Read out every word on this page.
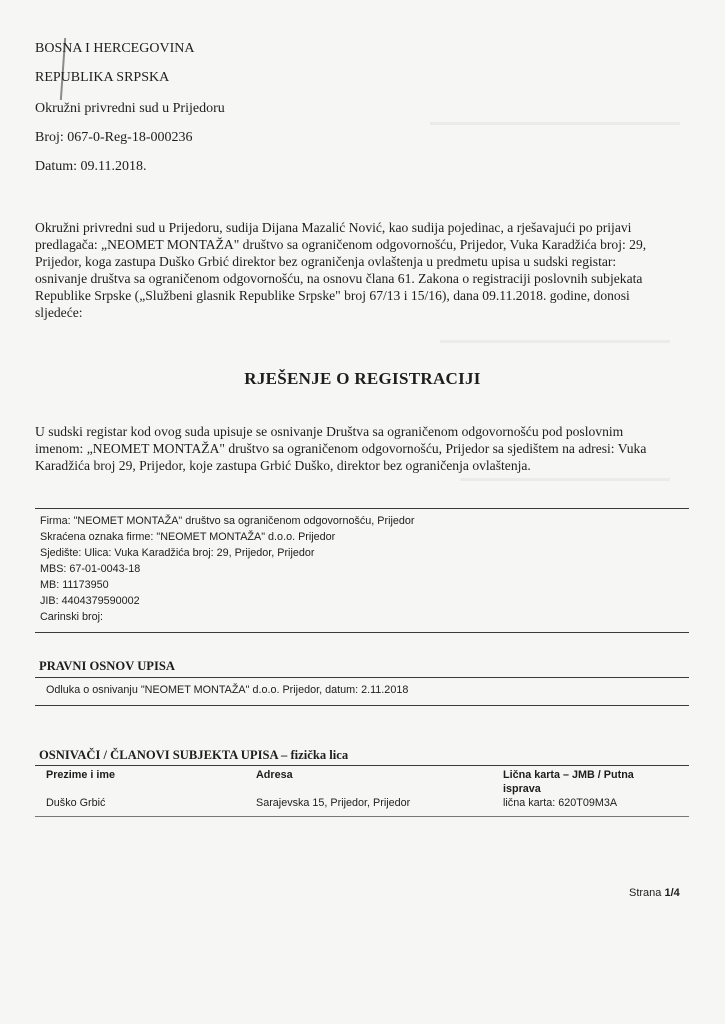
BOSNA I HERCEGOVINA
REPUBLIKA SRPSKA
Okružni privredni sud u Prijedoru
Broj: 067-0-Reg-18-000236
Datum: 09.11.2018.
Okružni privredni sud u Prijedoru, sudija Dijana Mazalić Nović, kao sudija pojedinac, a rješavajući po prijavi
predlagača: „NEOMET MONTAŽA" društvo sa ograničenom odgovornošću, Prijedor, Vuka Karadžića broj: 29,
Prijedor, koga zastupa Duško Grbić direktor bez ograničenja ovlaštenja u predmetu upisa u sudski registar:
osnivanje društva sa ograničenom odgovornošću, na osnovu člana 61. Zakona o registraciji poslovnih subjekata
Republike Srpske („Službeni glasnik Republike Srpske" broj 67/13 i 15/16), dana 09.11.2018. godine, donosi
sljedeće:
RJEŠENJE O REGISTRACIJI
U sudski registar kod ovog suda upisuje se osnivanje Društva sa ograničenom odgovornošću pod poslovnim
imenom: „NEOMET MONTAŽA" društvo sa ograničenom odgovornošću, Prijedor sa sjedištem na adresi: Vuka
Karadžića broj 29, Prijedor, koje zastupa Grbić Duško, direktor bez ograničenja ovlaštenja.
Firma: "NEOMET MONTAŽA" društvo sa ograničenom odgovornošću, Prijedor
Skraćena oznaka firme: "NEOMET MONTAŽA" d.o.o. Prijedor
Sjedište: Ulica: Vuka Karadžića broj: 29, Prijedor, Prijedor
MBS: 67-01-0043-18
MB: 11173950
JIB: 4404379590002
Carinski broj:
PRAVNI OSNOV UPISA
Odluka o osnivanju "NEOMET MONTAŽA" d.o.o. Prijedor, datum: 2.11.2018
OSNIVAČI / ČLANOVI SUBJEKTA UPISA – fizička lica
Prezime i ime	Adresa	Lična karta – JMB / Putna
isprava
Duško Grbić	Sarajevska 15, Prijedor, Prijedor	lična karta: 620T09M3A
Strana 1/4
